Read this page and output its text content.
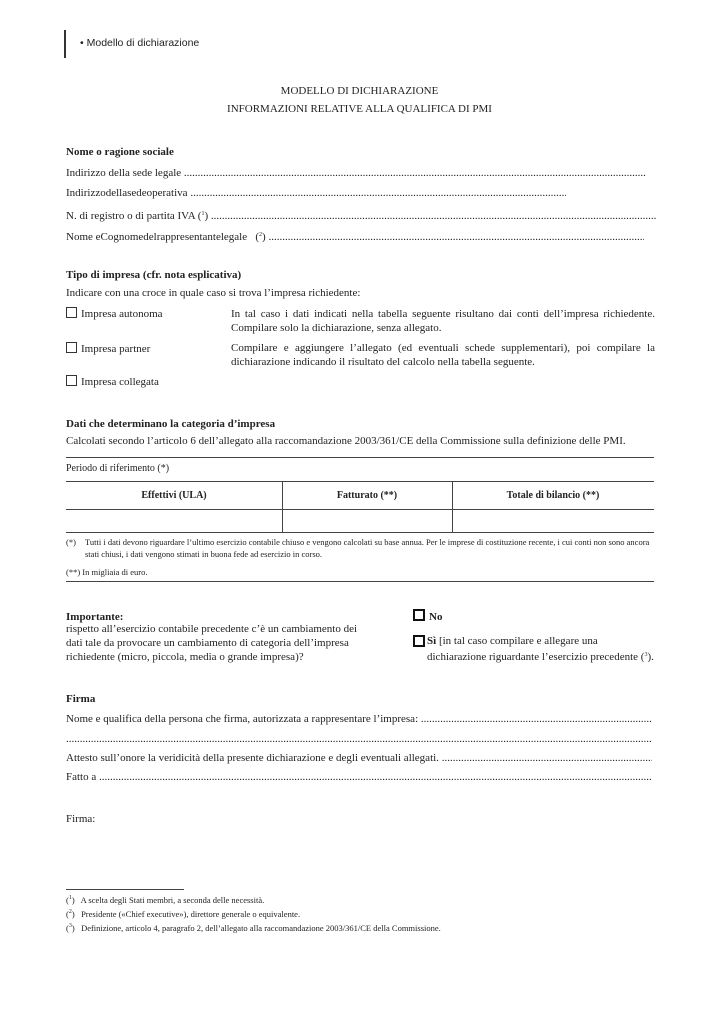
• Modello di dichiarazione
MODELLO DI DICHIARAZIONE
INFORMAZIONI RELATIVE ALLA QUALIFICA DI PMI
Nome o ragione sociale
Indirizzo della sede legale .....
Indirizzodellasedeoperativa .....
N. di registro o di partita IVA ($^1$) .....
Nome eCognomedelrappresentantelegale   ($^2$) .....
Tipo di impresa (cfr. nota esplicativa)
Indicare con una croce in quale caso si trova l’impresa richiedente:
Impresa autonoma	In tal caso i dati indicati nella tabella seguente risultano dai conti dell’impresa richiedente. Compilare solo la dichiarazione, senza allegato.
Impresa partner	Compilare e aggiungere l’allegato (ed eventuali schede supplementari), poi compilare la dichiarazione indicando il risultato del calcolo nella tabella seguente.
Impresa collegata
Dati che determinano la categoria d’impresa
Calcolati secondo l’articolo 6 dell’allegato alla raccomandazione 2003/361/CE della Commissione sulla definizione delle PMI.
Periodo di riferimento (*)
Effettivi (ULA)	Fatturato (**)	Totale di bilancio (**)
(*) Tutti i dati devono riguardare l’ultimo esercizio contabile chiuso e vengono calcolati su base annua. Per le imprese di costituzione recente, i cui conti non sono ancora stati chiusi, i dati vengono stimati in buona fede ad esercizio in corso.
(**) In migliaia di euro.
Importante:
rispetto all’esercizio contabile precedente c’è un cambiamento dei dati tale da provocare un cambiamento di categoria dell’impresa richiedente (micro, piccola, media o grande impresa)?
No
Sì [in tal caso compilare e allegare una dichiarazione riguardante l’esercizio precedente ($^3$).
Firma
Nome e qualifica della persona che firma, autorizzata a rappresentare l’impresa: .....
.....
Attesto sull’onore la veridicità della presente dichiarazione e degli eventuali allegati. .....
Fatto a .....
Firma:
($^1$)   A scelta degli Stati membri, a seconda delle necessità.
($^2$)   Presidente («Chief executive»), direttore generale o equivalente.
($^3$)   Definizione, articolo 4, paragrafo 2, dell’allegato alla raccomandazione 2003/361/CE della Commissione.
